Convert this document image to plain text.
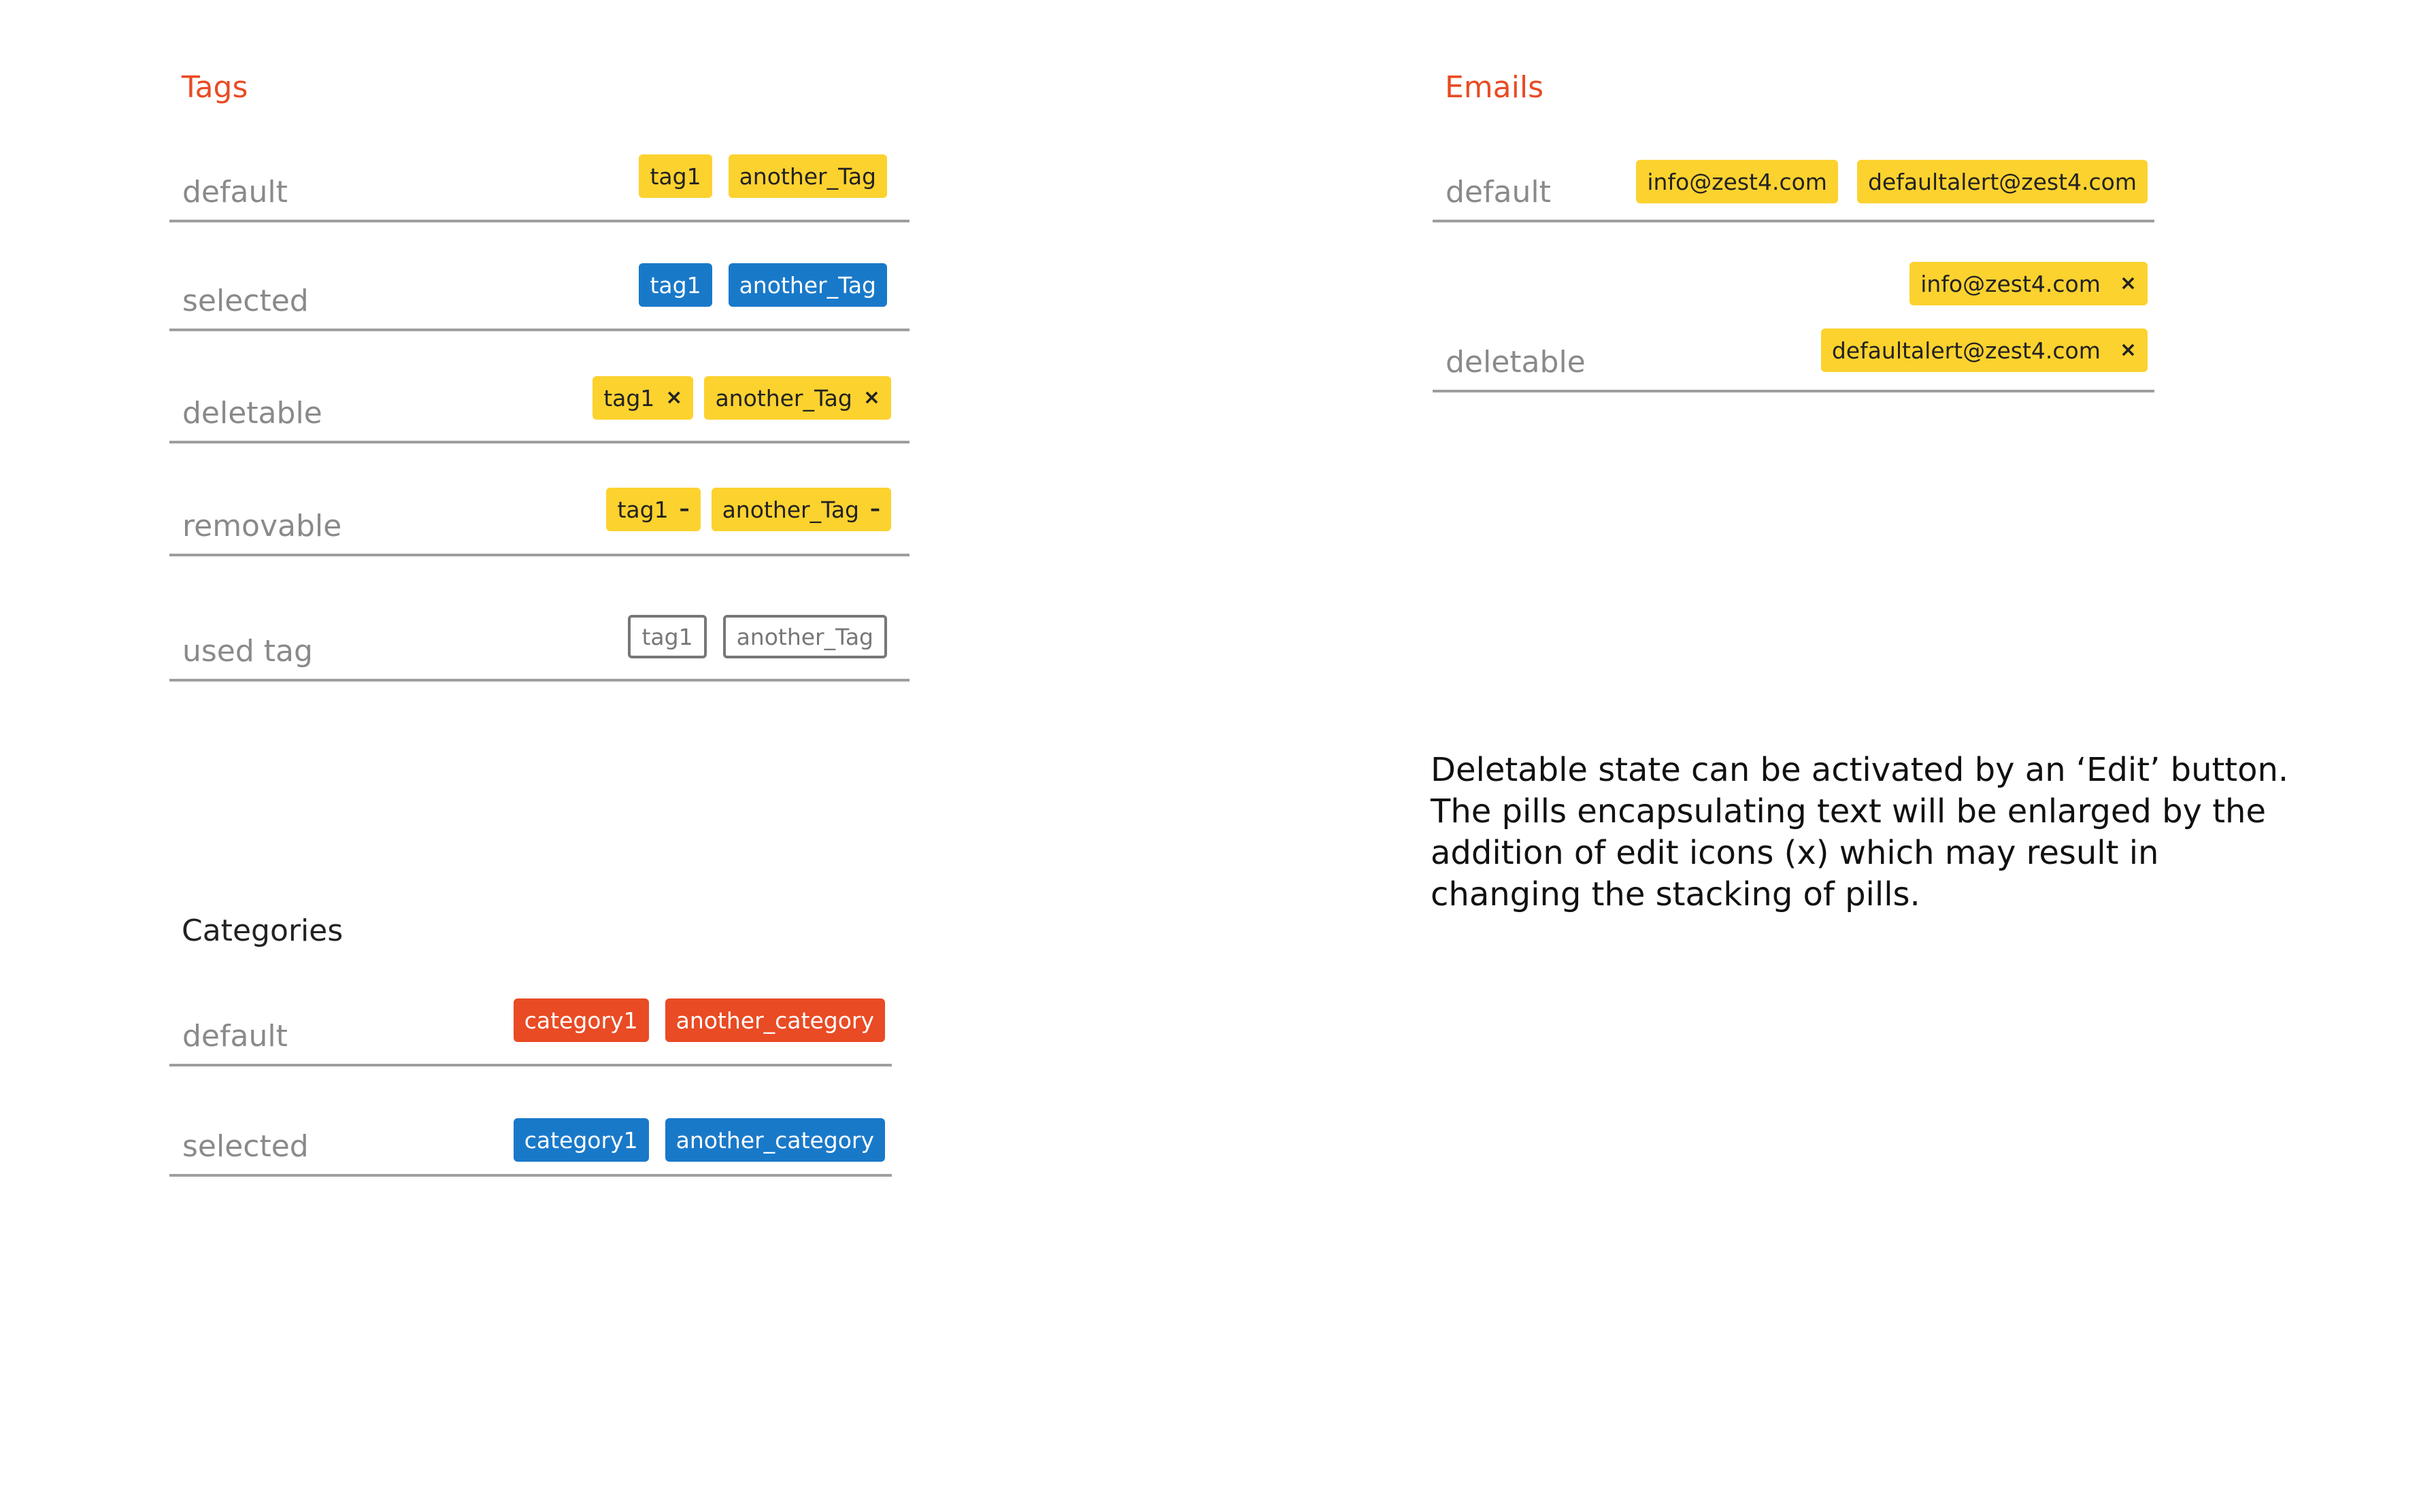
Tags
default	tag1 another_Tag
selected	tag1 another_Tag
deletable	tag1 × another_Tag ×
removable	tag1 – another_Tag –
used tag	tag1 another_Tag
Categories
default	category1 another_category
selected	category1 another_category
Emails
default	info@zest4.com defaultalert@zest4.com
deletable
info@zest4.com ×
defaultalert@zest4.com ×
Deletable state can be activated by an ‘Edit’ button. The pills encapsulating text will be enlarged by the addition of edit icons (x) which may result in changing the stacking of pills.
